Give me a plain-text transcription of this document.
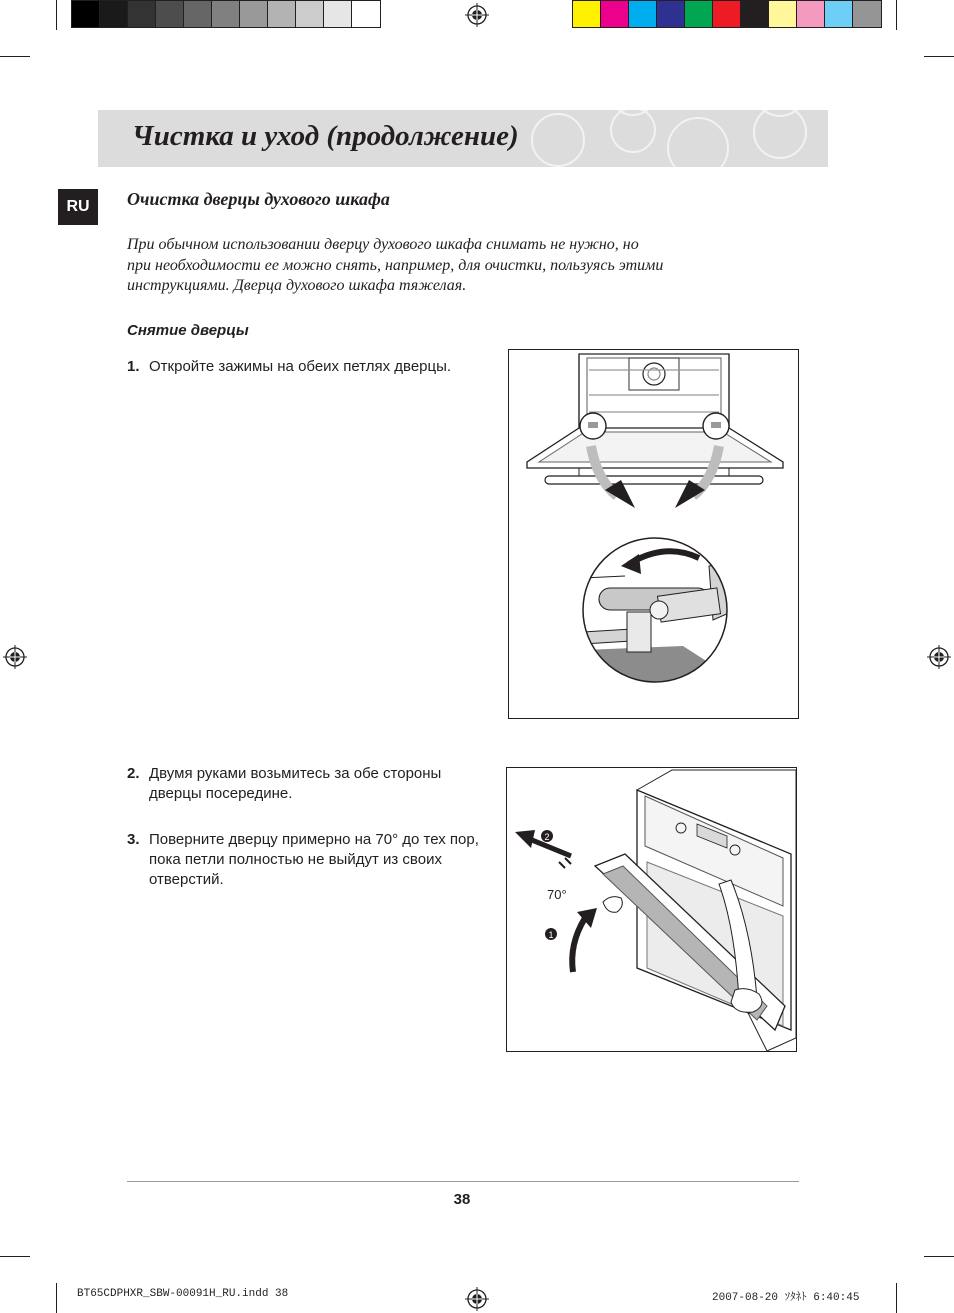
Чистка и уход (продолжение)
RU	Очистка дверцы духового шкафа
При обычном использовании дверцу духового шкафа снимать не нужно, но
при необходимости ее можно снять, например, для очистки, пользуясь этими
инструкциями. Дверца духового шкафа тяжелая.
Снятие дверцы
1. Откройте зажимы на обеих петлях дверцы.
2. Двумя руками возьмитесь за обе стороны дверцы посередине.
3. Поверните дверцу примерно на 70° до тех пор, пока петли полностью не выйдут из своих отверстий.
2
70°
1
38
BT65CDPHXR_SBW-00091H_RU.indd 38	2007-08-20 ｿﾀﾈﾄ 6:40:45
